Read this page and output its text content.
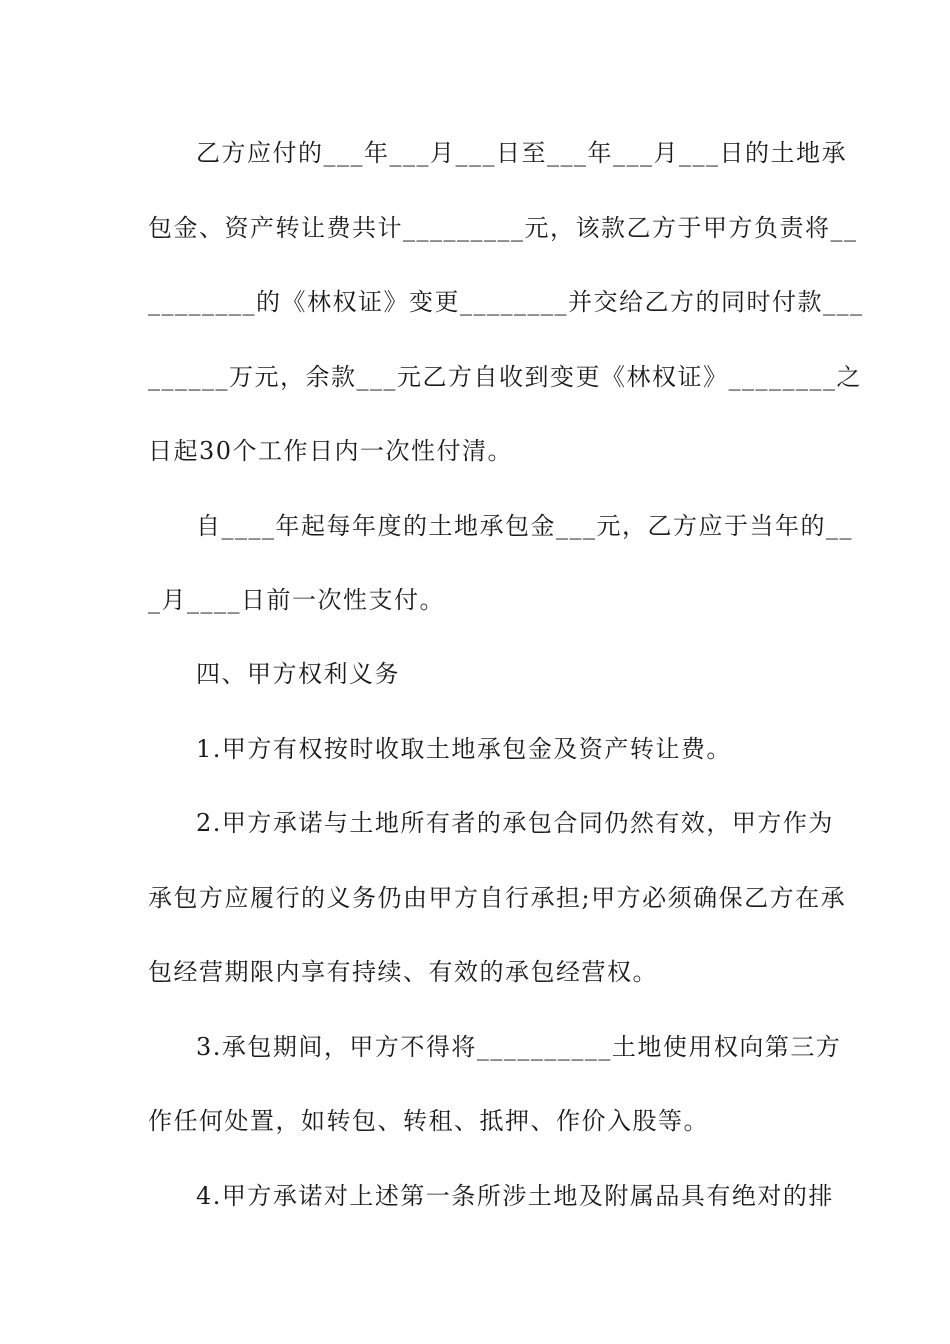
乙方应付的___年___月___日至___年___月___日的土地承
包金、资产转让费共计_________元，该款乙方于甲方负责将__
________的《林权证》变更________并交给乙方的同时付款___
______万元，余款___元乙方自收到变更《林权证》________之
日起30个工作日内一次性付清。
自____年起每年度的土地承包金___元，乙方应于当年的__
_月____日前一次性支付。
四、甲方权利义务
1.甲方有权按时收取土地承包金及资产转让费。
2.甲方承诺与土地所有者的承包合同仍然有效，甲方作为
承包方应履行的义务仍由甲方自行承担;甲方必须确保乙方在承
包经营期限内享有持续、有效的承包经营权。
3.承包期间，甲方不得将__________土地使用权向第三方
作任何处置，如转包、转租、抵押、作价入股等。
4.甲方承诺对上述第一条所涉土地及附属品具有绝对的排
